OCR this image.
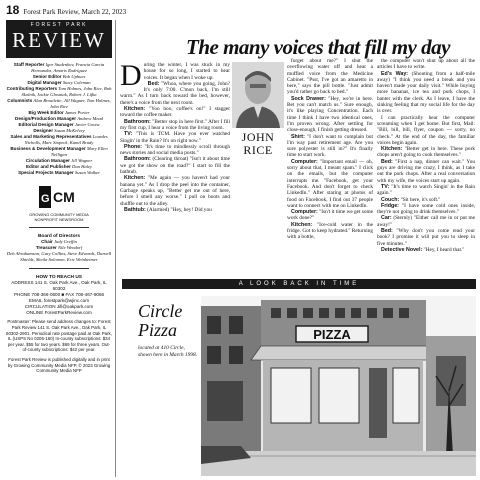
18 Forest Park Review, March 22, 2023
FOREST PARK
REVIEW
Staff Reporter Igor Studenkov, Francia Garcia Hernandez, Amaris Rodriguez
Senior Editor Bob Uphues
Digital Manager Stacy Coleman
Contributing Reporters Tom Holmes, John Rice, Bob Skolnik, Jackie Glosniak, Robert J. Lifka
Columnists Alan Brouilette, Jill Wagner, Tom Holmes, John Rice
Big Week Editor James Porter
Design/Production Manager Andrew Mead
Editorial Design Manager Javier Govea
Designer Susan McKelvey
Sales and Marketing Representatives Lourdes Nicholls, Marc Stopeck, Kamil Brady
Business & Development Manager Mary Ellen Nelligan
Circulation Manager Jill Wagner
Editor and Publisher Dan Haley
Special Projects Manager Susan Walker
G CM
GROWING COMMUNITY MEDIA
NONPROFIT NEWSROOM
Board of Directors
Chair Judy Greffin
Treasurer Nile Wendorf
Deb Abrahamson, Gary Collins, Steve Edwards, Darnell Shields, Sheila Solomon, Eric Weinheimer
HOW TO REACH US
ADDRESS 141 S. Oak Park Ave., Oak Park, IL 60302
PHONE 708-366-0600 ■ FAX 708-467-9066
EMAIL forestpark@wjinc.com
CIRCULATION Jill@oakpark.com
ONLINE ForestParkReview.com
Postmaster: Please send address changes to: Forest Park Review 141 S. Oak Park Ave., Oak Park, IL 60302-2901. Periodical rate postage paid at Oak Park, IL (USPS No 0205-160) In-county subscriptions: $34 per year. $55 for two years. $69 for three years. Out-of-county subscriptions: $42 per year.
Forest Park Review is published digitally and in print by Growing Community Media NFP. © 2023 Growing Community Media NFP
The many voices that fill my day

During the winter, I was stuck in my house for so long, I started to hear voices. It began when I woke up.

Bed: "Whoa, where you going, John? It's only 7:00. C'mon back, I'm still warm." As I turn back toward the bed, however, there's a voice from the next room.

Kitchen: "Yoo hoo, coffee's on!" I stagger toward the coffee maker.

Bathroom: "Better stop in here first." After I fill my first cup, I hear a voice from the living room.

TV: "This is TCM. Have you ever watched Singin' in the Rain? It's on right now."

Phone: "It's time to mindlessly scroll through news stories and social media posts."

Bathroom: (Clearing throat) "Isn't it about time we got the show on the road?" I start to fill the bathtub.

Kitchen: "Me again — you haven't had your banana yet." As I drop the peel into the container, Garbage speaks up, "Better get me out of here, before I smell any worse." I pull on boots and shuffle out to the alley.

Bathtub: (Alarmed) "Hey, hey! Did you

JOHN
RICE

forget about me?" I shut the overflowing water off and hear a muffled voice from the Medicine Cabinet. "Psst, I've got an amaretto in here," says the pill bottle. "Just admit you'd rather go back to bed."

Sock Drawer: "Hey, we're in here. Bet you can't match us." Sure enough, it's like playing Concentration. Each time I think I have two identical ones, I'm proven wrong. After settling for close-enough, I finish getting dressed.

Shirt: "I don't want to complain but I'm way past retirement age. Are you sure polyester is still in?" It's finally time to start work.

Computer: "Important email — oh, sorry about that, I meant spam." I click on the emails, but the computer interrupts me. "Facebook, get your Facebook. And don't forget to check LinkedIn." After staring at photos of food on Facebook, I find out 37 people want to connect with me on LinkedIn.

Computer: "Isn't it time we get some work done?"

Kitchen: "Ice-cold water in the fridge. Got to keep hydrated." Returning with a bottle,

the computer won't shut up about all the articles I have to write.

Ed's Way: (Shouting from a half-mile away) "I think you need a break and you haven't made your daily visit." While buying more bananas, ice tea and pork chops, I banter with the clerk. As I leave, I have the sinking feeling that my social life for the day is over.

I can practically hear the computer screaming when I get home. But first, Mail: "Bill, bill, bill, flyer, coupon — sorry, no check." At the end of the day, the familiar voices begin again.

Kitchen: "Better get in here. These pork chops aren't going to cook themselves."

Bed: "First a nap, dinner can wait." You guys are driving me crazy, I think, as I take out the pork chops. After a real conversation with my wife, the voices start up again.

TV: "It's time to watch Singin' in the Rain again."

Couch: "Sit here, it's soft."

Fridge: "I have some cold ones inside, they're not going to drink themselves."

Car: (Sternly) "Either call me in or put me away!"

Bed: "Why don't you come read your book? I promise it will put you to sleep in five minutes."

Detective Novel: "Hey, I heard that."

A LOOK BACK IN TIME
Circle
Pizza
located at 410 Circle, shown here in March 1998.
PIZZA
